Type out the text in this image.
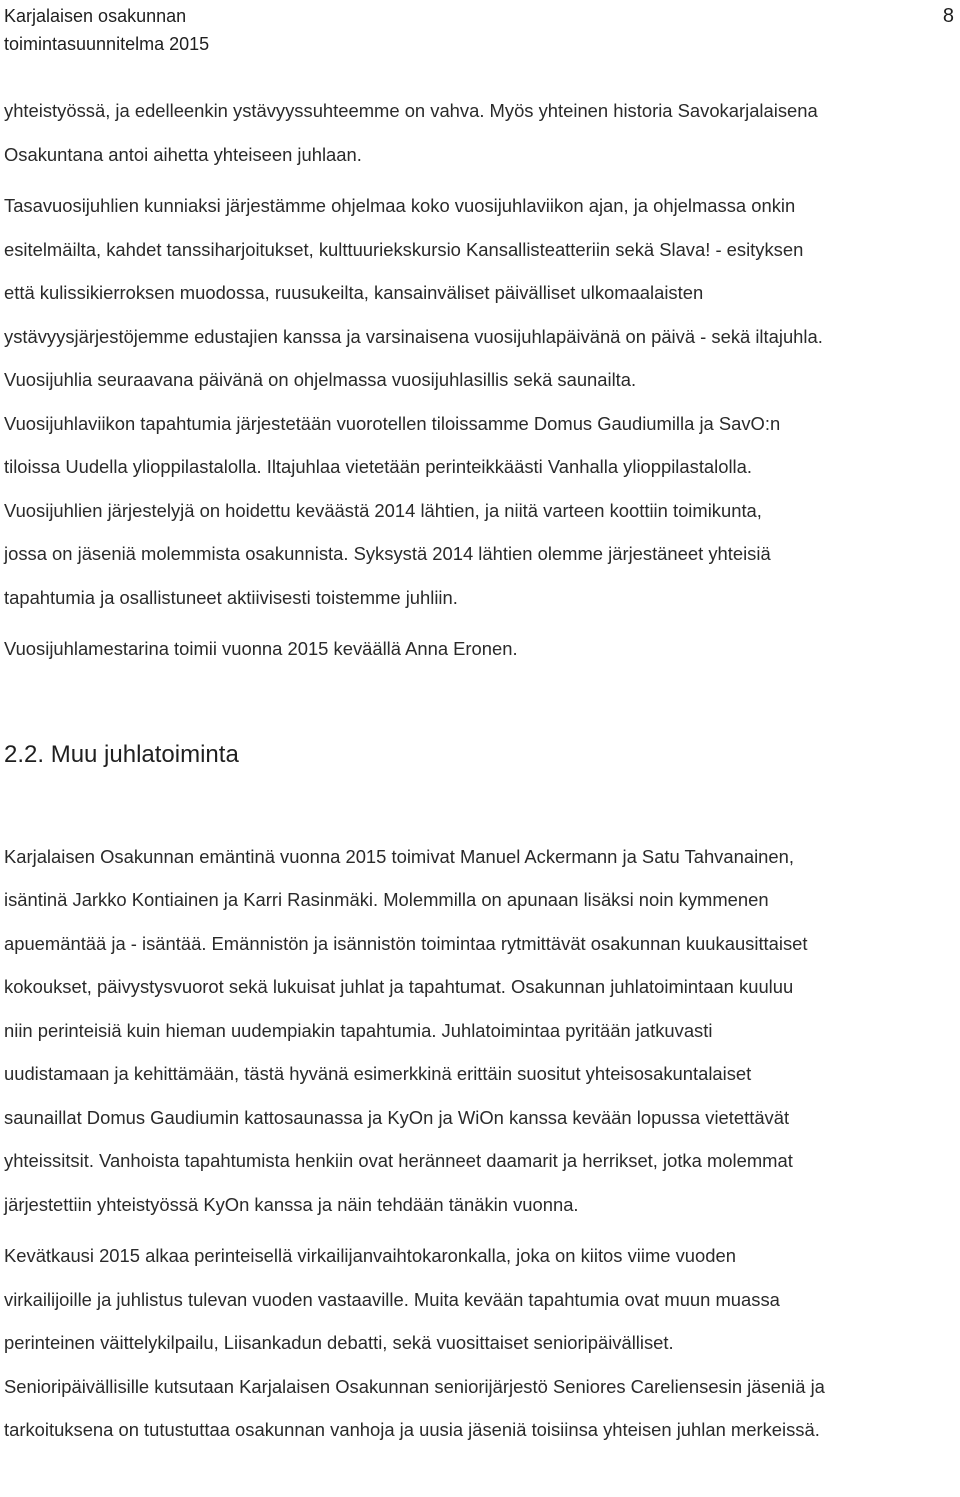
Karjalaisen osakunnan
toimintasuunnitelma 2015
8

yhteistyössä, ja edelleenkin ystävyyssuhteemme on vahva. Myös yhteinen historia Savokarjalaisena
Osakuntana antoi aihetta yhteiseen juhlaan.

Tasavuosijuhlien kunniaksi järjestämme ohjelmaa koko vuosijuhlaviikon ajan, ja ohjelmassa onkin
esitelmäilta, kahdet tanssiharjoitukset, kulttuuriekskursio Kansallisteatteriin sekä Slava! - esityksen
että kulissikierroksen muodossa, ruusukeilta, kansainväliset päivälliset ulkomaalaisten
ystävyysjärjestöjemme edustajien kanssa ja varsinaisena vuosijuhlapäivänä on päivä - sekä iltajuhla.
Vuosijuhlia seuraavana päivänä on ohjelmassa vuosijuhlasillis sekä saunailta.

Vuosijuhlaviikon tapahtumia järjestetään vuorotellen tiloissamme Domus Gaudiumilla ja SavO:n
tiloissa Uudella ylioppilastalolla. Iltajuhlaa vietetään perinteikkäästi Vanhalla ylioppilastalolla.
Vuosijuhlien järjestelyjä on hoidettu keväästä 2014 lähtien, ja niitä varteen koottiin toimikunta,
jossa on jäseniä molemmista osakunnista. Syksystä 2014 lähtien olemme järjestäneet yhteisiä
tapahtumia ja osallistuneet aktiivisesti toistemme juhliin.

Vuosijuhlamestarina toimii vuonna 2015 keväällä Anna Eronen.

2.2. Muu juhlatoiminta

Karjalaisen Osakunnan emäntinä vuonna 2015 toimivat Manuel Ackermann ja Satu Tahvanainen,
isäntinä Jarkko Kontiainen ja Karri Rasinmäki. Molemmilla on apunaan lisäksi noin kymmenen
apuemäntää ja - isäntää. Emännistön ja isännistön toimintaa rytmittävät osakunnan kuukausittaiset
kokoukset, päivystysvuorot sekä lukuisat juhlat ja tapahtumat. Osakunnan juhlatoimintaan kuuluu
niin perinteisiä kuin hieman uudempiakin tapahtumia. Juhlatoimintaa pyritään jatkuvasti
uudistamaan ja kehittämään, tästä hyvänä esimerkkinä erittäin suositut yhteisosakuntalaiset
saunaillat Domus Gaudiumin kattosaunassa ja KyOn ja WiOn kanssa kevään lopussa vietettävät
yhteissitsit. Vanhoista tapahtumista henkiin ovat heränneet daamarit ja herrikset, jotka molemmat
järjestettiin yhteistyössä KyOn kanssa ja näin tehdään tänäkin vuonna.

Kevätkausi 2015 alkaa perinteisellä virkailijanvaihtokaronkalla, joka on kiitos viime vuoden
virkailijoille ja juhlistus tulevan vuoden vastaaville. Muita kevään tapahtumia ovat muun muassa
perinteinen väittelykilpailu, Liisankadun debatti, sekä vuosittaiset senioripäivälliset.
Senioripäivällisille kutsutaan Karjalaisen Osakunnan seniorijärjestö Seniores Careliensesin jäseniä ja
tarkoituksena on tutustuttaa osakunnan vanhoja ja uusia jäseniä toisiinsa yhteisen juhlan merkeissä.
